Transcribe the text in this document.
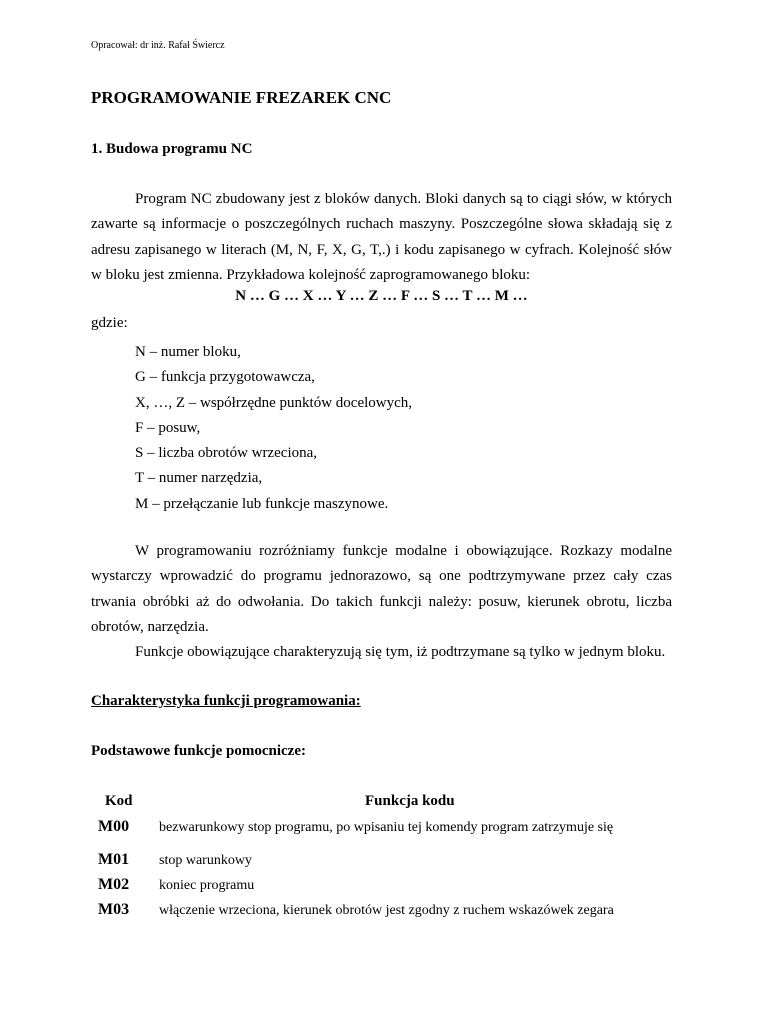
Opracował: dr inż. Rafał Świercz
PROGRAMOWANIE FREZAREK CNC
1. Budowa programu NC
Program NC zbudowany jest z bloków danych. Bloki danych są to ciągi słów, w których zawarte są informacje o poszczególnych ruchach maszyny. Poszczególne słowa składają się z adresu zapisanego w literach (M, N, F, X, G, T,.) i kodu zapisanego w cyfrach. Kolejność słów w bloku jest zmienna. Przykładowa kolejność zaprogramowanego bloku:
N … G … X … Y … Z … F … S … T … M …
gdzie:
N – numer bloku,
G – funkcja przygotowawcza,
X, …, Z – współrzędne punktów docelowych,
F – posuw,
S – liczba obrotów wrzeciona,
T – numer narzędzia,
M – przełączanie lub funkcje maszynowe.
W programowaniu rozróżniamy funkcje modalne i obowiązujące. Rozkazy modalne wystarczy wprowadzić do programu jednorazowo, są one podtrzymywane przez cały czas trwania obróbki aż do odwołania. Do takich funkcji należy: posuw, kierunek obrotu, liczba obrotów, narzędzia.
Funkcje obowiązujące charakteryzują się tym, iż podtrzymane są tylko w jednym bloku.
Charakterystyka funkcji programowania:
Podstawowe funkcje pomocnicze:
Kod	Funkcja kodu
M00 bezwarunkowy stop programu, po wpisaniu tej komendy program zatrzymuje się
M01 stop warunkowy
M02 koniec programu
M03 włączenie wrzeciona, kierunek obrotów jest zgodny z ruchem wskazówek zegara
